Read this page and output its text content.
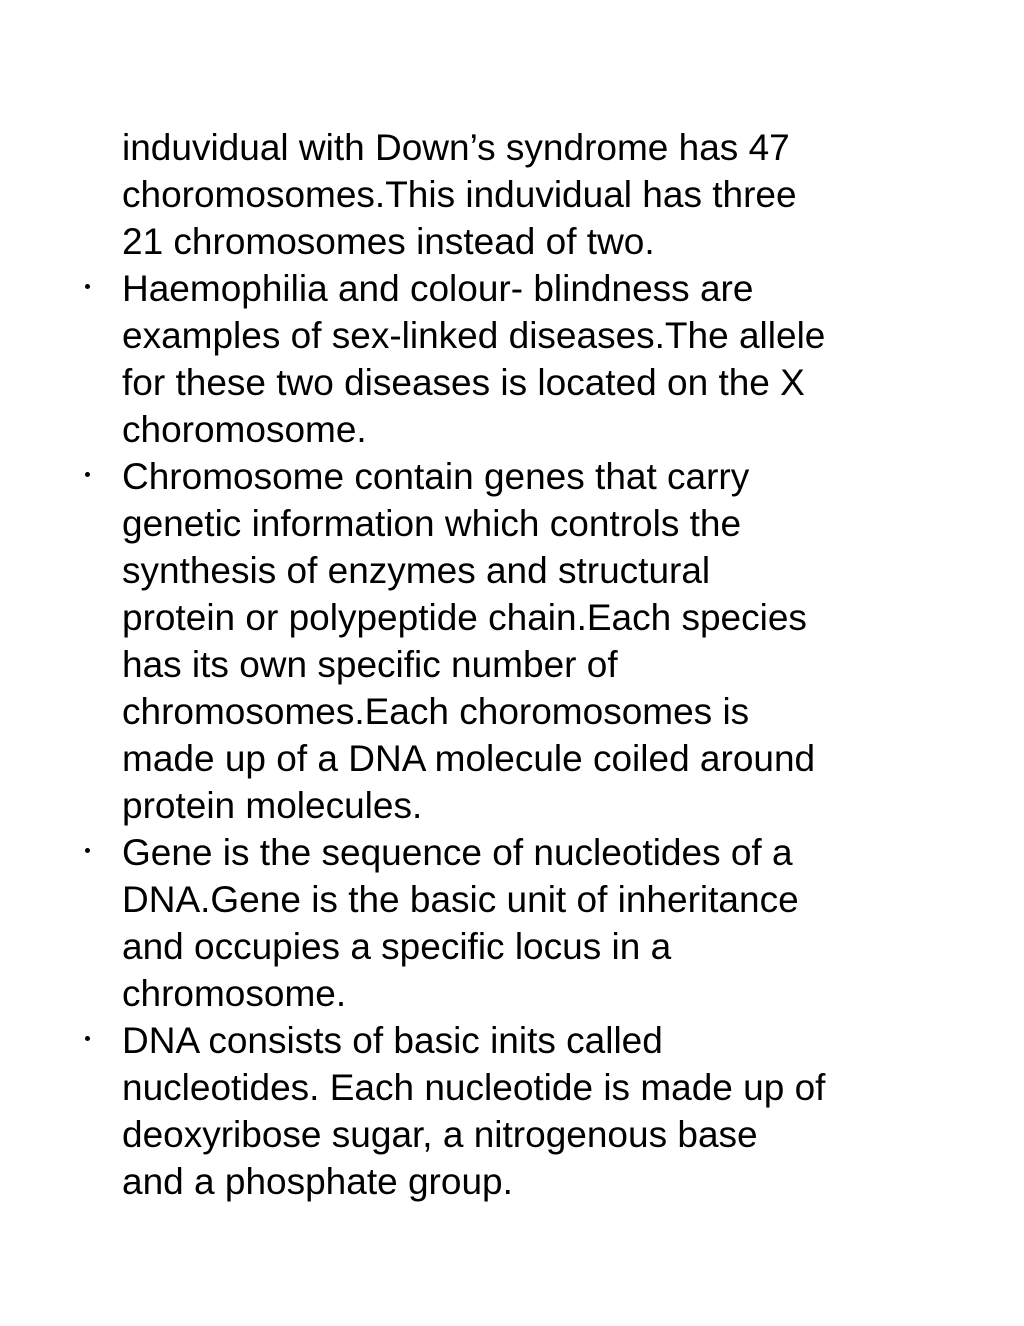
induvidual with Down’s syndrome has 47
choromosomes.This induvidual has three
21 chromosomes instead of two.
Haemophilia and colour- blindness are
examples of sex-linked diseases.The allele
for these two diseases is located on the X
choromosome.
Chromosome contain genes that carry
genetic information which controls the
synthesis of enzymes and structural
protein or polypeptide chain.Each species
has its own specific number of
chromosomes.Each choromosomes is
made up of a DNA molecule coiled around
protein molecules.
Gene is the sequence of nucleotides of a
DNA.Gene is the basic unit of inheritance
and occupies a specific locus in a
chromosome.
DNA consists of basic inits called
nucleotides. Each nucleotide is made up of
deoxyribose sugar, a nitrogenous base
and a phosphate group.
